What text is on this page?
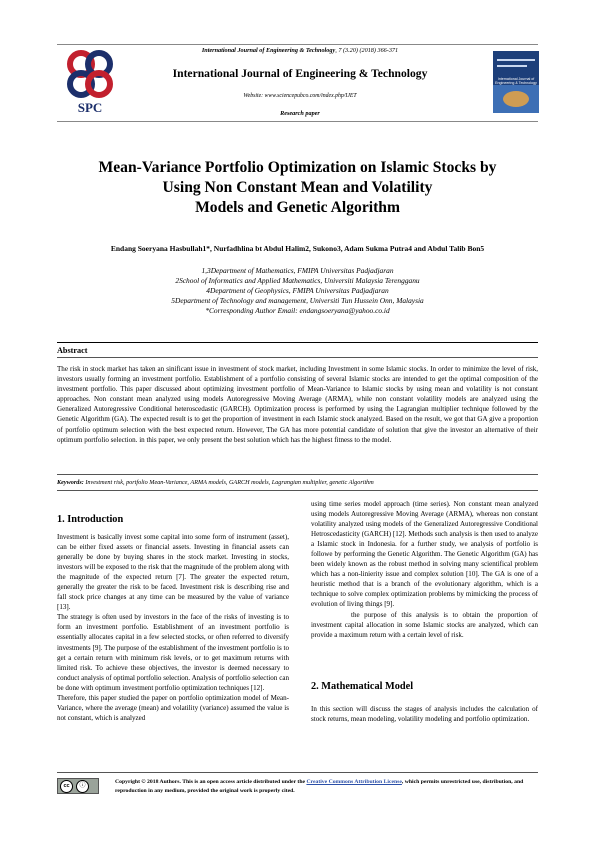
SPC
International Journal of Engineering & Technology
International Journal of Engineering & Technology, 7 (3.20) (2018) 366-371
International Journal of Engineering & Technology
Website: www.sciencepubco.com/index.php/IJET
Research paper
Mean-Variance Portfolio Optimization on Islamic Stocks by
Using Non Constant Mean and Volatility
Models and Genetic Algorithm
Endang Soeryana Hasbullah1*, Nurfadhlina bt Abdul Halim2, Sukono3, Adam Sukma Putra4 and Abdul Talib Bon5
1,3Department of Mathematics, FMIPA Universitas Padjadjaran
2School of Informatics and Applied Mathematics, Universiti Malaysia Terengganu
4Department of Geophysics, FMIPA Universitas Padjadjaran
5Department of Technology and management, Universiti Tun Hussein Onn, Malaysia
*Corresponding Author Email: endangsoeryana@yahoo.co.id
Abstract
The risk in stock market has taken an sinificant issue in investment of stock market, including Investment in some Islamic stocks. In order to minimize the level of risk, investors usually forming an investment portfolio. Establishment of a portfolio consisting of several Islamic stocks are intended to get the optimal composition of the investment portfolio. This paper discussed about optimizing investment portfolio of Mean-Variance to Islamic stocks by using mean and volatility is not constant approaches. Non constant mean analyzed using models Autoregressive Moving Average (ARMA), while non constant volatility models are analyzed using the Generalized Autoregressive Conditional heteroscedastic (GARCH). Optimization process is performed by using the Lagrangian multiplier technique followed by the Genetic Algorithm (GA). The expected result is to get the proportion of investment in each Islamic stock analyzed. Based on the result, we got that GA give a proportion of portfolio optimum selection with the best expected return. However, The GA has more potential candidate of solution that give the investor an alternative of their optimum portfolio selection. in this paper, we only present the best solution which has the highest fitness to the model.
Keywords: Investment risk, portfolio Mean-Variance, ARMA models, GARCH models, Lagrangian multiplier, genetic Algorithm
1. Introduction

Investment is basically invest some capital into some form of instrument (asset), can be either fixed assets or financial assets. Investing in financial assets can generally be done by buying shares in the stock market. Investing in stocks, investors will be exposed to the risk that the magnitude of the problem along with the magnitude of the expected return [7]. The greater the expected return, generally the greater the risk to be faced. Investment risk is describing rise and fall stock price changes at any time can be measured by the value of variance [13].

The strategy is often used by investors in the face of the risks of investing is to form an investment portfolio. Establishment of an investment portfolio is essentially allocates capital in a few selected stocks, or often referred to diversify investments [9]. The purpose of the establishment of the investment portfolio is to get a certain return with minimum risk levels, or to get maximum returns with limited risk. To achieve these objectives, the investor is deemed necessary to conduct analysis of optimal portfolio selection. Analysis of portfolio selection can be done with optimum investment portfolio optimization techniques [12].

Therefore, this paper studied the paper on portfolio optimization model of Mean-Variance, where the average (mean) and volatility (variance) assumed the value is not constant, which is analyzed

using time series model approach (time series). Non constant mean analyzed using models Autoregressive Moving Average (ARMA), whereas non constant volatility analyzed using models of the Generalized Autoregressive Conditional Hetroscedasticity (GARCH) [12]. Methods such analysis is then used to analyze a Islamic stock in Indonesia. for a further study, we analysis of portfolio is followe by performing the Genetic Algorithm. The Genetic Algorithm (GA) has been widely known as the robust method in solving many scientifical problem which has a non-linierity issue and complex solution [10]. The GA is one of a heuristic method that is a branch of the evolutionary algorithm, which is a technique to solve complex optimization problems by mimicking the process of evolution of living things [9].

the purpose of this analysis is to obtain the proportion of investment capital allocation in some Islamic stocks are analyzed, which can provide a maximum return with a certain level of risk.

2. Mathematical Model

In this section will discuss the stages of analysis includes the calculation of stock returns, mean modeling, volatility modeling and portfolio optimization.

cc	ⓘ
Copyright © 2018 Authors. This is an open access article distributed under the Creative Commons Attribution License, which permits unrestricted use, distribution, and reproduction in any medium, provided the original work is properly cited.
